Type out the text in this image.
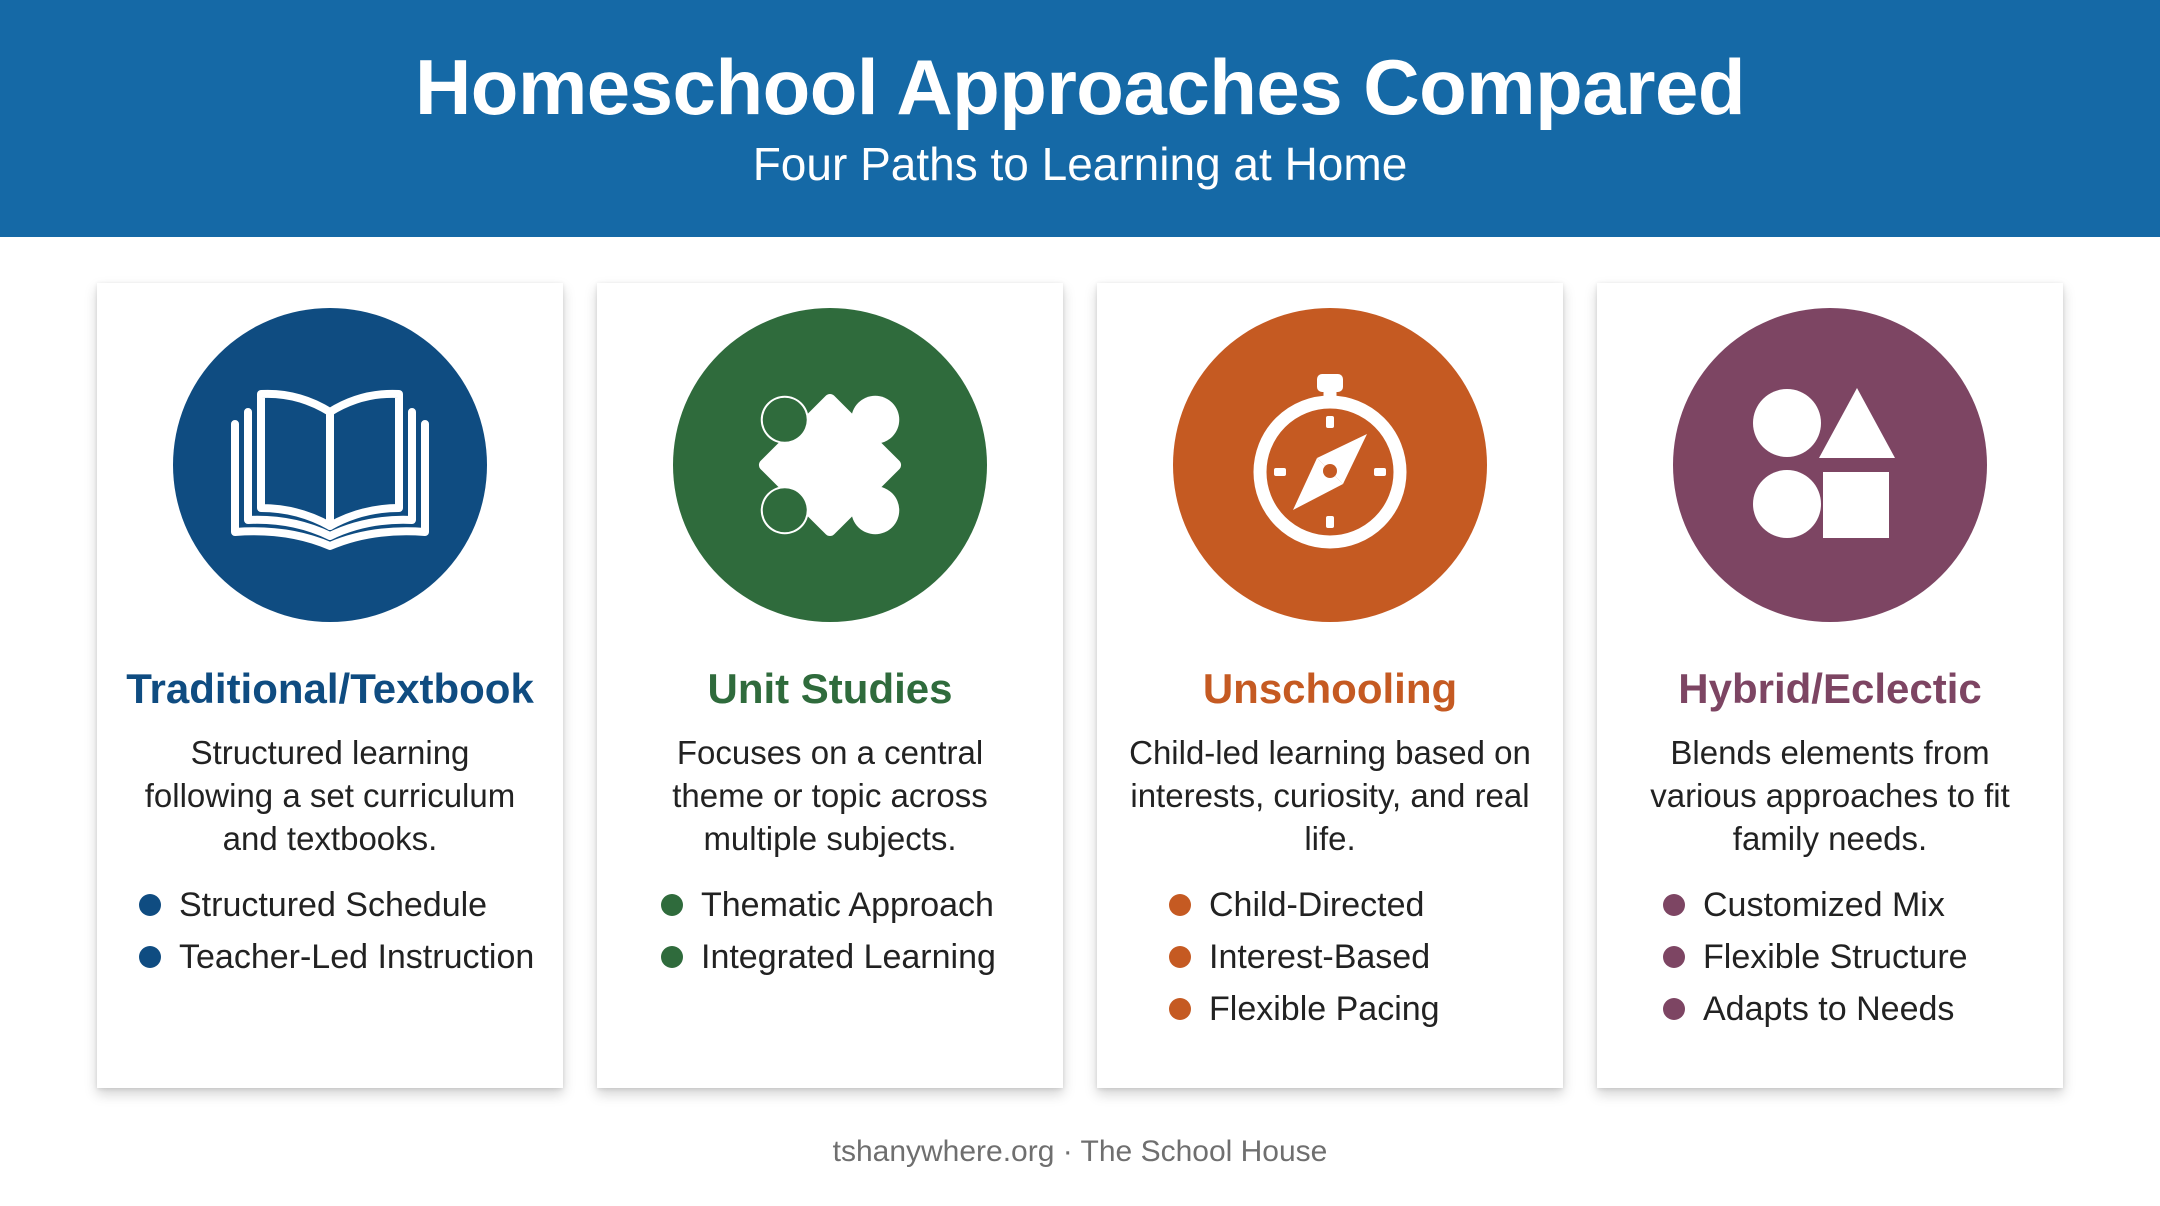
Homeschool Approaches Compared
Four Paths to Learning at Home
Traditional/Textbook
Structured learning following a set curriculum and textbooks.
Structured Schedule
Teacher-Led Instruction
Unit Studies
Focuses on a central theme or topic across multiple subjects.
Thematic Approach
Integrated Learning
Unschooling
Child-led learning based on interests, curiosity, and real life.
Child-Directed
Interest-Based
Flexible Pacing
Hybrid/Eclectic
Blends elements from various approaches to fit family needs.
Customized Mix
Flexible Structure
Adapts to Needs
tshanywhere.org · The School House
